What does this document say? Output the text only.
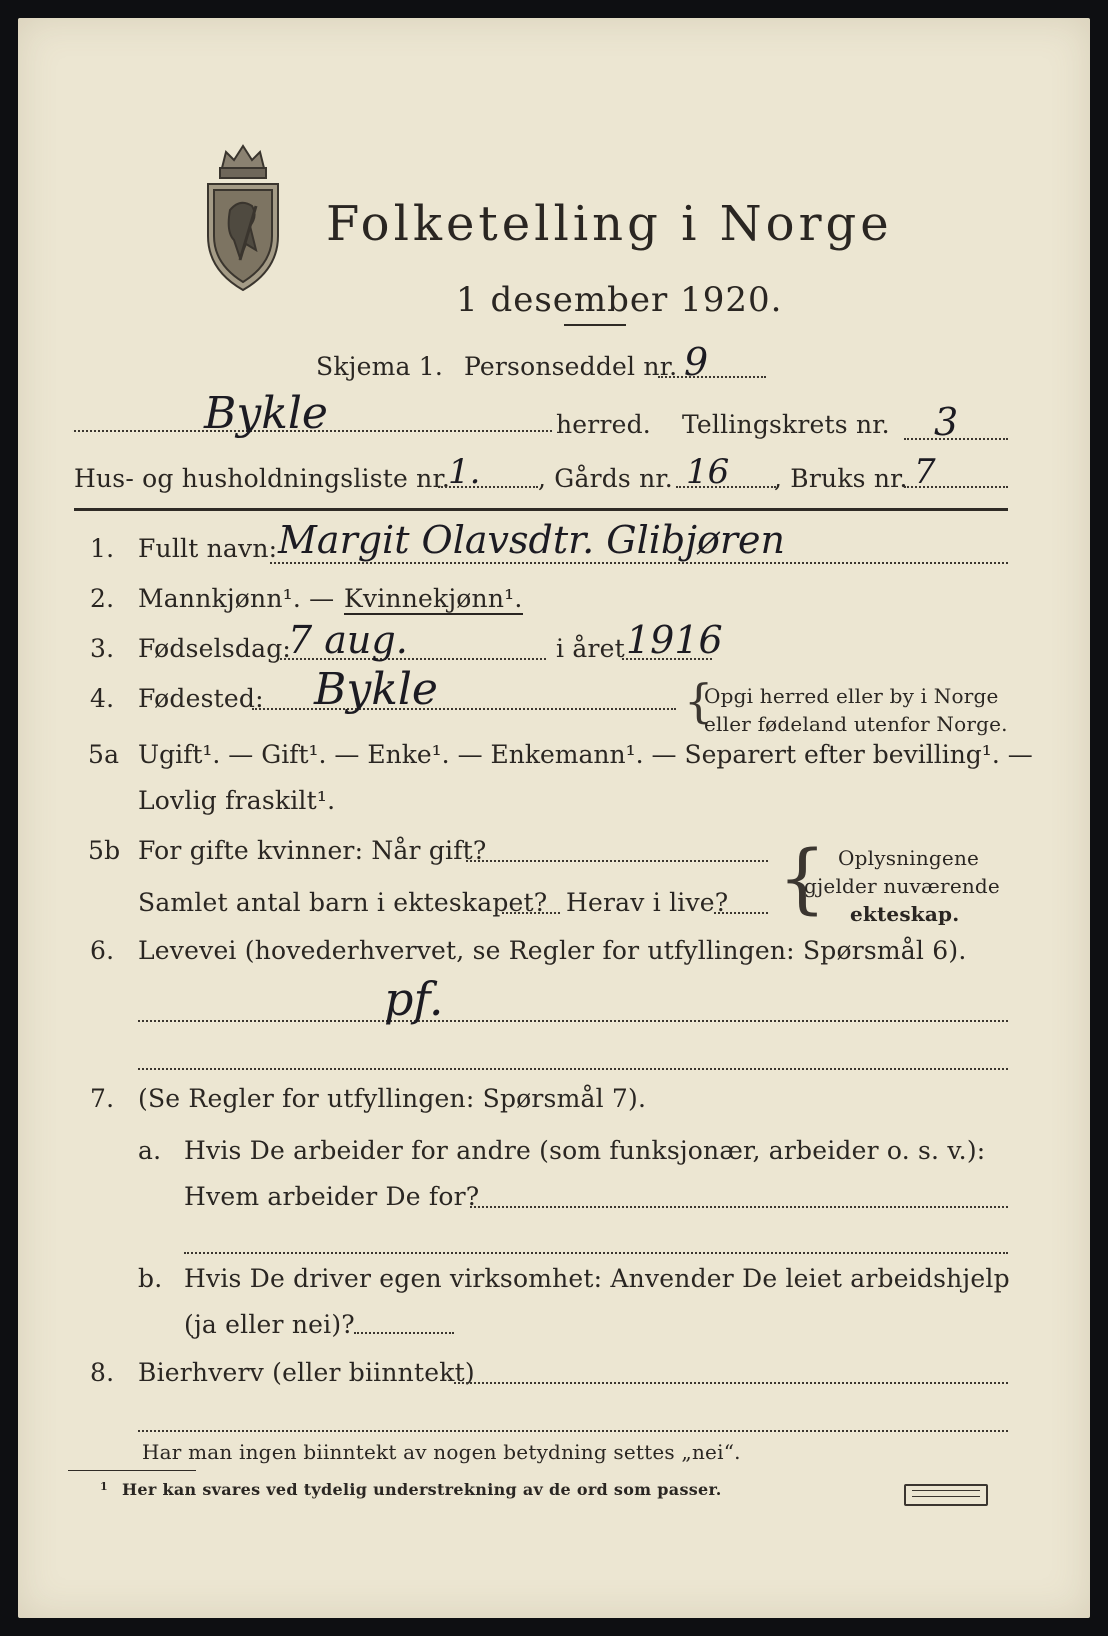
Folketelling i Norge
1 desember 1920.
Skjema 1. Personseddel nr. 9
Bykle	herred. Tellingskrets nr. 3
Hus- og husholdningsliste nr.
1. , Gårds nr. 16 , Bruks nr. 7
1. Fullt navn: Margit Olavsdtr. Glibjøren
2. Mannkjønn¹. — Kvinnekjønn¹.
3. Fødselsdag:
7 aug.	i året 1916
4. Fødested: Bykle	{
Opgi herred eller by i Norge
eller fødeland utenfor Norge.
5a Ugift¹. — Gift¹. — Enke¹. — Enkemann¹. — Separert efter bevilling¹. —
Lovlig fraskilt¹.
5b For gifte kvinner: Når gift?
Samlet antal barn i ekteskapet? Herav i live? { Oplysningene
gjelder nuværende
ekteskap.
6. Levevei (hovederhvervet, se Regler for utfyllingen: Spørsmål 6).
pf.
7. (Se Regler for utfyllingen: Spørsmål 7).
a. Hvis De arbeider for andre (som funksjonær, arbeider o. s. v.):
Hvem arbeider De for?
b. Hvis De driver egen virksomhet: Anvender De leiet arbeidshjelp
(ja eller nei)?
8. Bierhverv (eller biinntekt)
Har man ingen biinntekt av nogen betydning settes „nei“.
1 Her kan svares ved tydelig understrekning av de ord som passer.
